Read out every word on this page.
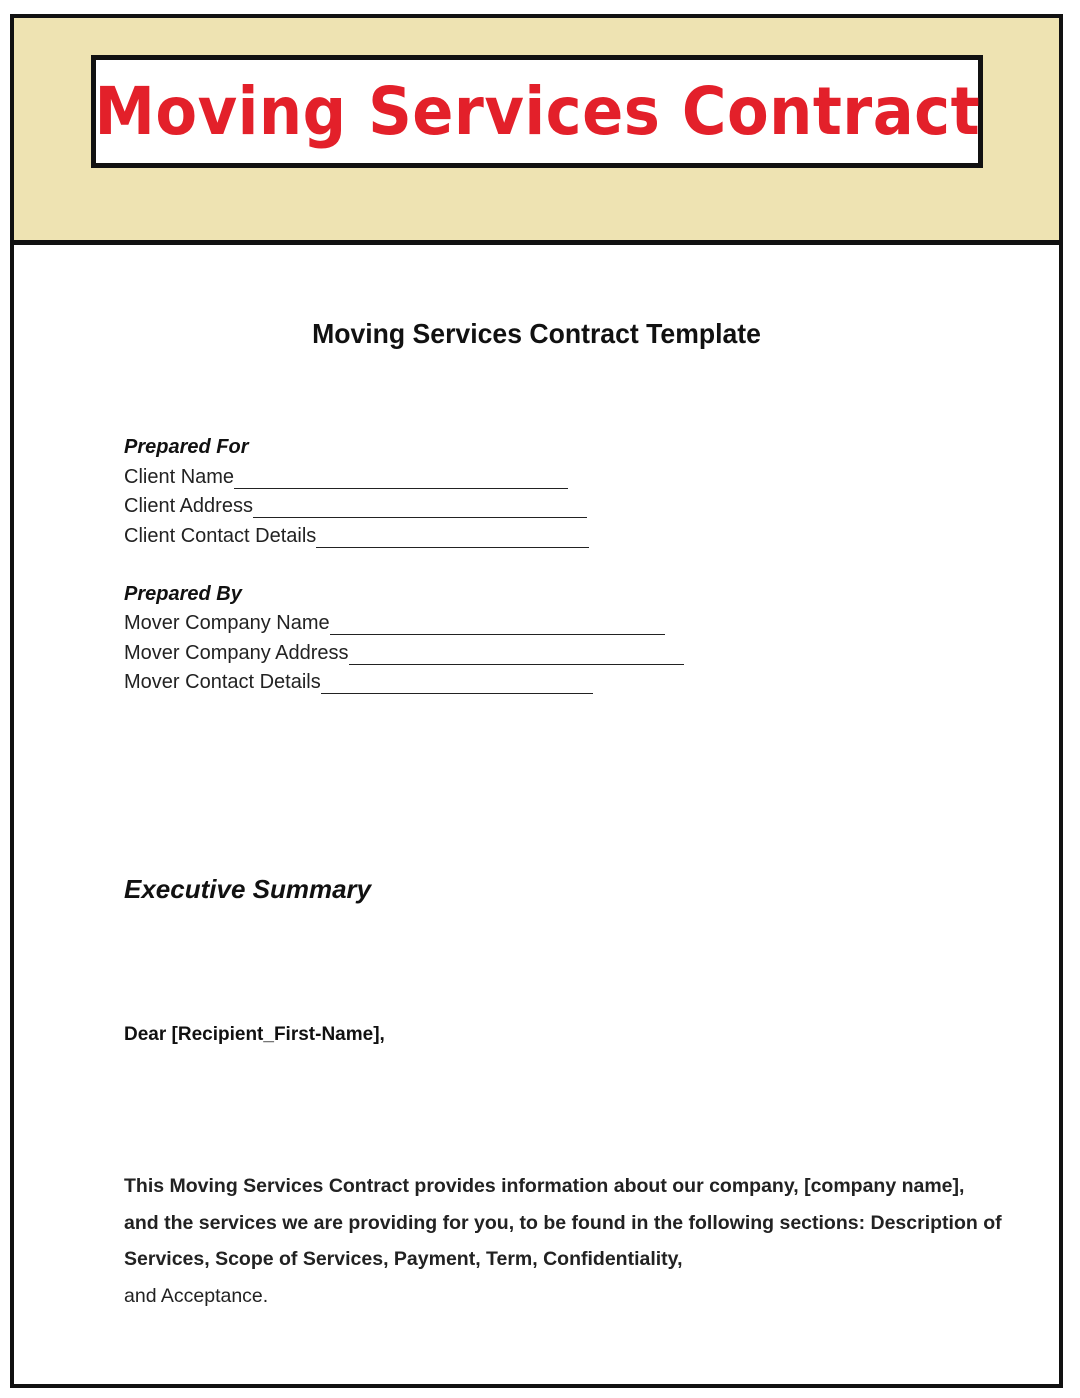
Moving Services Contract
Moving Services Contract Template
Prepared For
Client Name
Client Address
Client Contact Details
Prepared By
Mover Company Name
Mover Company Address
Mover Contact Details
Executive Summary
Dear [Recipient_First-Name],
This Moving Services Contract provides information about our company, [company name], and the services we are providing for you, to be found in the following sections: Description of Services, Scope of Services, Payment, Term, Confidentiality,
and Acceptance.
